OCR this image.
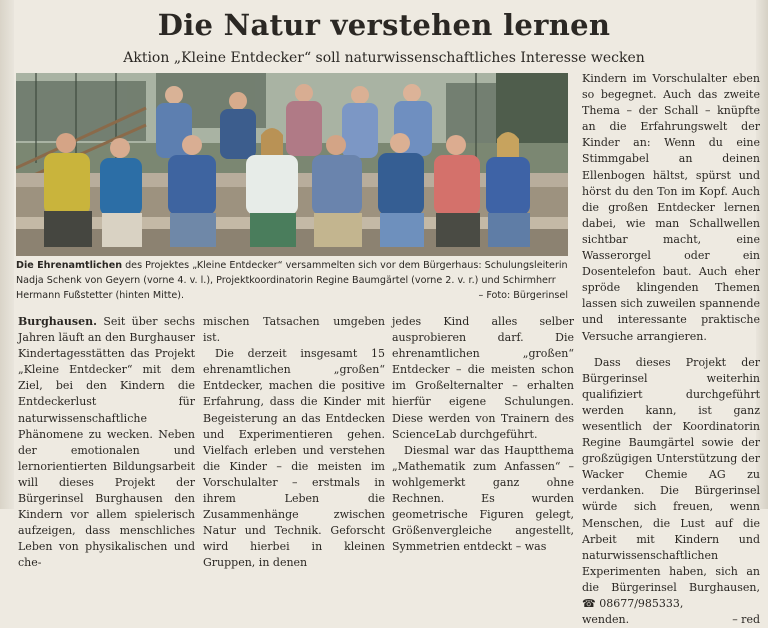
Die Natur verstehen lernen
Aktion „Kleine Entdecker“ soll naturwissenschaftliches Interesse wecken
Die Ehrenamtlichen des Projektes „Kleine Entdecker“ versammelten sich vor dem Bürgerhaus: Schulungsleiterin Nadja Schenk von Geyern (vorne 4. v. l.), Projektkoordinatorin Regine Baumgärtel (vorne 2. v. r.) und Schirmherr Hermann Fußstetter (hinten Mitte).	– Foto: Bürgerinsel

Burghausen. Seit über sechs Jahren läuft an den Burghauser Kindertagesstätten das Projekt „Kleine Entdecker“ mit dem Ziel, bei den Kindern die Entdeckerlust für naturwissenschaftliche Phänomene zu wecken. Neben der emotionalen und lernorientierten Bildungsarbeit will dieses Projekt der Bürgerinsel Burghausen den Kindern vor allem spielerisch aufzeigen, dass menschliches Leben von physikalischen und che-

mischen Tatsachen umgeben ist.

Die derzeit insgesamt 15 ehrenamtlichen „großen“ Entdecker, machen die positive Erfahrung, dass die Kinder mit Begeisterung an das Entdecken und Experimentieren gehen. Vielfach erleben und verstehen die Kinder – die meisten im Vorschulalter – erstmals in ihrem Leben die Zusammenhänge zwischen Natur und Technik. Geforscht wird hierbei in kleinen Gruppen, in denen

jedes Kind alles selber ausprobieren darf. Die ehrenamtlichen „großen“ Entdecker – die meisten schon im Großelternalter – erhalten hierfür eigene Schulungen. Diese werden von Trainern des ScienceLab durchgeführt.

Diesmal war das Hauptthema „Mathematik zum Anfassen“ – wohlgemerkt ganz ohne Rechnen. Es wurden geometrische Figuren gelegt, Größenvergleiche angestellt, Symmetrien entdeckt – was

Kindern im Vorschulalter eben so begegnet. Auch das zweite Thema – der Schall – knüpfte an die Erfahrungswelt der Kinder an: Wenn du eine Stimmgabel an deinen Ellenbogen hältst, spürst und hörst du den Ton im Kopf. Auch die großen Entdecker lernen dabei, wie man Schallwellen sichtbar macht, eine Wasserorgel oder ein Dosentelefon baut. Auch eher spröde klingenden Themen lassen sich zuweilen spannende und interessante praktische Versuche arrangieren.

Dass dieses Projekt der Bürgerinsel weiterhin qualifiziert durchgeführt werden kann, ist ganz wesentlich der Koordinatorin Regine Baumgärtel sowie der großzügigen Unterstützung der Wacker Chemie AG zu verdanken. Die Bürgerinsel würde sich freuen, wenn Menschen, die Lust auf die Arbeit mit Kindern und naturwissenschaftlichen Experimenten haben, sich an die Bürgerinsel Burghausen, ☎ 08677/985333,

wenden.	– red
